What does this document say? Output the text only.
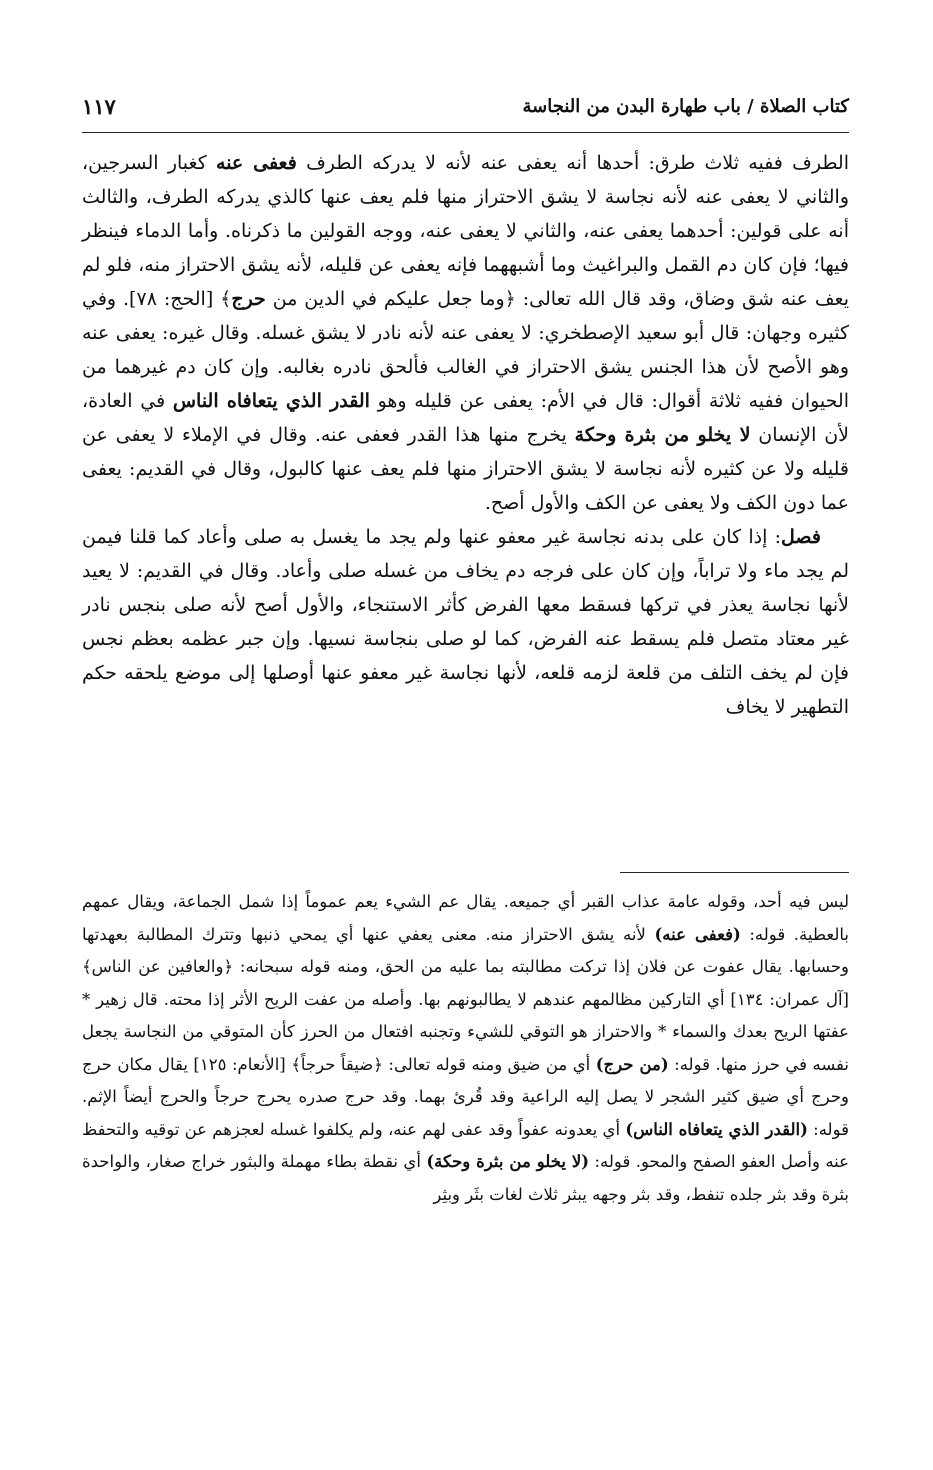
كتاب الصلاة / باب طهارة البدن من النجاسة
١١٧

الطرف ففيه ثلاث طرق: أحدها أنه يعفى عنه لأنه لا يدركه الطرف فعفى عنه كغبار السرجين، والثاني لا يعفى عنه لأنه نجاسة لا يشق الاحتراز منها فلم يعف عنها كالذي يدركه الطرف، والثالث أنه على قولين: أحدهما يعفى عنه، والثاني لا يعفى عنه، ووجه القولين ما ذكرناه. وأما الدماء فينظر فيها؛ فإن كان دم القمل والبراغيث وما أشبههما فإنه يعفى عن قليله، لأنه يشق الاحتراز منه، فلو لم يعف عنه شق وضاق، وقد قال الله تعالى: ﴿وما جعل عليكم في الدين من حرج﴾ [الحج: ٧٨]. وفي كثيره وجهان: قال أبو سعيد الإصطخري: لا يعفى عنه لأنه نادر لا يشق غسله. وقال غيره: يعفى عنه وهو الأصح لأن هذا الجنس يشق الاحتراز في الغالب فألحق نادره بغالبه. وإن كان دم غيرهما من الحيوان ففيه ثلاثة أقوال: قال في الأم: يعفى عن قليله وهو القدر الذي يتعافاه الناس في العادة، لأن الإنسان لا يخلو من بثرة وحكة يخرج منها هذا القدر فعفى عنه. وقال في الإملاء لا يعفى عن قليله ولا عن كثيره لأنه نجاسة لا يشق الاحتراز منها فلم يعف عنها كالبول، وقال في القديم: يعفى عما دون الكف ولا يعفى عن الكف والأول أصح.

فصل: إذا كان على بدنه نجاسة غير معفو عنها ولم يجد ما يغسل به صلى وأعاد كما قلنا فيمن لم يجد ماء ولا تراباً، وإن كان على فرجه دم يخاف من غسله صلى وأعاد. وقال في القديم: لا يعيد لأنها نجاسة يعذر في تركها فسقط معها الفرض كأثر الاستنجاء، والأول أصح لأنه صلى بنجس نادر غير معتاد متصل فلم يسقط عنه الفرض، كما لو صلى بنجاسة نسيها. وإن جبر عظمه بعظم نجس فإن لم يخف التلف من قلعة لزمه قلعه، لأنها نجاسة غير معفو عنها أوصلها إلى موضع يلحقه حكم التطهير لا يخاف

ليس فيه أحد، وقوله عامة عذاب القبر أي جميعه. يقال عم الشيء يعم عموماً إذا شمل الجماعة، ويقال عمهم بالعطية. قوله: (فعفى عنه) لأنه يشق الاحتراز منه. معنى يعفي عنها أي يمحي ذنبها وتترك المطالبة بعهدتها وحسابها. يقال عفوت عن فلان إذا تركت مطالبته بما عليه من الحق، ومنه قوله سبحانه: ﴿والعافين عن الناس﴾ [آل عمران: ١٣٤] أي التاركين مظالمهم عندهم لا يطالبونهم بها. وأصله من عفت الريح الأثر إذا محته. قال زهير * عفتها الريح بعدك والسماء * والاحتراز هو التوقي للشيء وتجنبه افتعال من الحرز كأن المتوقي من النجاسة يجعل نفسه في حرز منها. قوله: (من حرج) أي من ضيق ومنه قوله تعالى: ﴿ضيقاً حرجاً﴾ [الأنعام: ١٢٥] يقال مكان حرج وحرج أي ضيق كثير الشجر لا يصل إليه الراعية وقد قُرئ بهما. وقد حرج صدره يحرج حرجاً والحرج أيضاً الإثم. قوله: (القدر الذي يتعافاه الناس) أي يعدونه عفواً وقد عفى لهم عنه، ولم يكلفوا غسله لعجزهم عن توقيه والتحفظ عنه وأصل العفو الصفح والمحو. قوله: (لا يخلو من بثرة وحكة) أي نقطة بطاء مهملة والبثور خراج صغار، والواحدة بثرة وقد بثر جلده تنفط، وقد بثر وجهه يبثر ثلاث لغات بثَر وبثِر
